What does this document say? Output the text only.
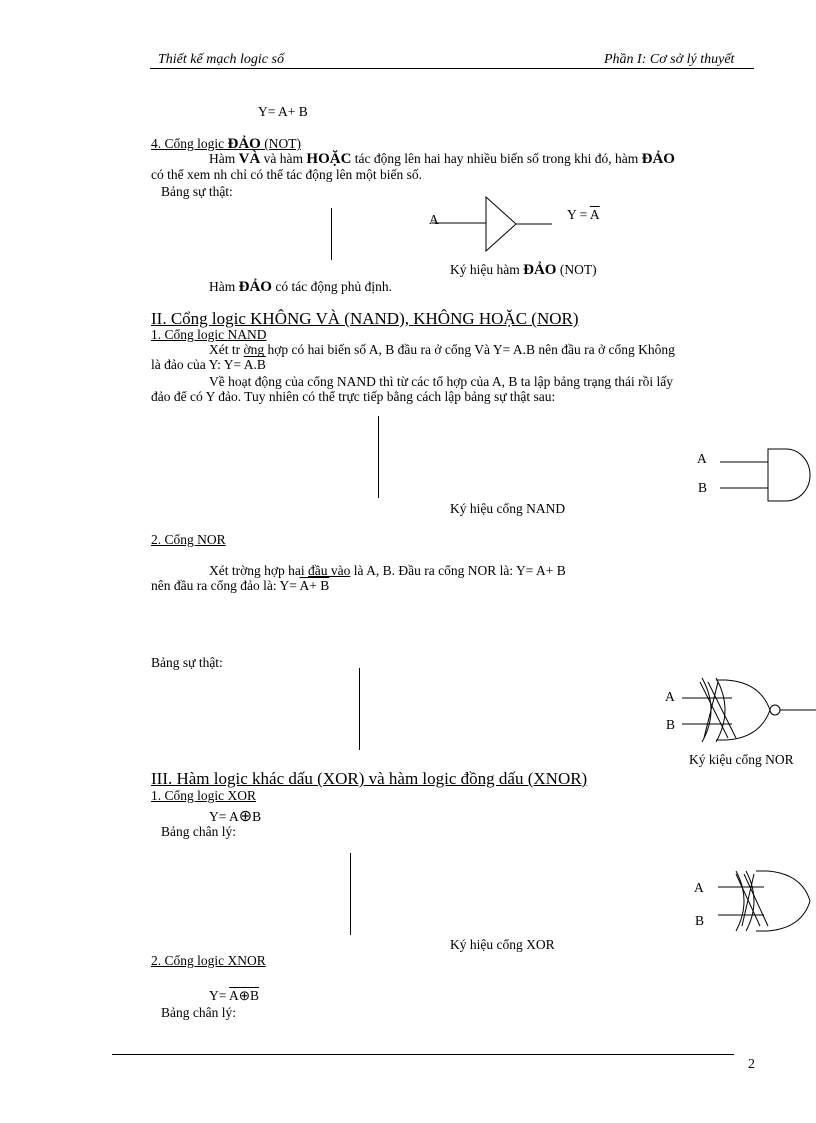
Thiết kế mạch logic số	Phần I: Cơ sở lý thuyết
Y= A+ B
4. Cổng logic ĐẢO (NOT)
Hàm VÀ và hàm HOẶC tác động lên hai hay nhiều biến số trong khi đó, hàm ĐẢO
có thể xem nh chỉ có thể tác động lên một biến số.
Bảng sự thật:
A	$Y = \overline{A}$
Ký hiệu hàm ĐẢO (NOT)
Hàm ĐẢO có tác động phủ định.
II. Cổng logic KHÔNG VÀ (NAND), KHÔNG HOẶC (NOR)
1. Cổng logic NAND
Xét tr ờng hợp có hai biến số A, B đầu ra ở cổng Và Y= A.B nên đầu ra ở cổng Không
là đảo của Y: Y= A.B
Về hoạt động của cổng NAND thì từ các tổ hợp của A, B ta lập bảng trạng thái rồi lấy
đảo để có Y đảo. Tuy nhiên có thể trực tiếp bằng cách lập bảng sự thật sau:
A
B
Ký hiệu cổng NAND
2. Cổng NOR
Xét trờng hợp hai đầu vào là A, B. Đầu ra cổng NOR là: Y= A+ B
nên đầu ra cổng đảo là: Y= A+ B
Bảng sự thật:
A
B
Ký kiệu cổng NOR
III. Hàm logic khác dấu (XOR) và hàm logic đồng dấu (XNOR)
1. Cổng logic XOR
Y= A⊕B
Bảng chân lý:
A
B
Ký hiệu cổng XOR
2. Cổng logic XNOR
Y= A⊕B
Bảng chân lý:
2
